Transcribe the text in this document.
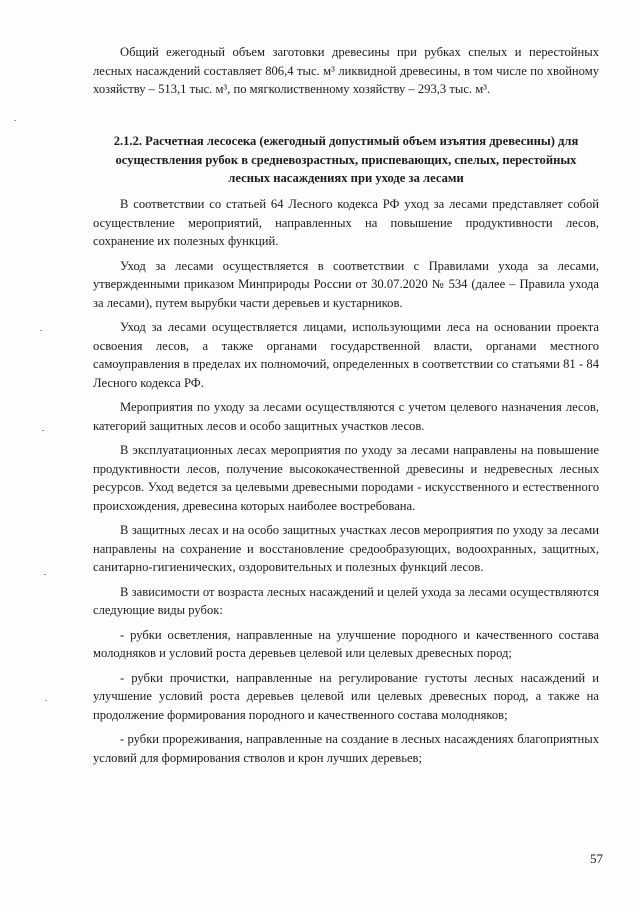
Общий ежегодный объем заготовки древесины при рубках спелых и перестойных лесных насаждений составляет 806,4 тыс. м³ ликвидной древесины, в том числе по хвойному хозяйству – 513,1 тыс. м³, по мягколиственному хозяйству – 293,3 тыс. м³.

2.1.2. Расчетная лесосека (ежегодный допустимый объем изъятия древесины) для осуществления рубок в средневозрастных, приспевающих, спелых, перестойных лесных насаждениях при уходе за лесами

В соответствии со статьей 64 Лесного кодекса РФ уход за лесами представляет собой осуществление мероприятий, направленных на повышение продуктивности лесов, сохранение их полезных функций.

Уход за лесами осуществляется в соответствии с Правилами ухода за лесами, утвержденными приказом Минприроды России от 30.07.2020 № 534 (далее – Правила ухода за лесами), путем вырубки части деревьев и кустарников.

Уход за лесами осуществляется лицами, использующими леса на основании проекта освоения лесов, а также органами государственной власти, органами местного самоуправления в пределах их полномочий, определенных в соответствии со статьями 81 - 84 Лесного кодекса РФ.

Мероприятия по уходу за лесами осуществляются с учетом целевого назначения лесов, категорий защитных лесов и особо защитных участков лесов.

В эксплуатационных лесах мероприятия по уходу за лесами направлены на повышение продуктивности лесов, получение высококачественной древесины и недревесных лесных ресурсов. Уход ведется за целевыми древесными породами - искусственного и естественного происхождения, древесина которых наиболее востребована.

В защитных лесах и на особо защитных участках лесов мероприятия по уходу за лесами направлены на сохранение и восстановление средообразующих, водоохранных, защитных, санитарно-гигиенических, оздоровительных и полезных функций лесов.

В зависимости от возраста лесных насаждений и целей ухода за лесами осуществляются следующие виды рубок:

- рубки осветления, направленные на улучшение породного и качественного состава молодняков и условий роста деревьев целевой или целевых древесных пород;

- рубки прочистки, направленные на регулирование густоты лесных насаждений и улучшение условий роста деревьев целевой или целевых древесных пород, а также на продолжение формирования породного и качественного состава молодняков;

- рубки прореживания, направленные на создание в лесных насаждениях благоприятных условий для формирования стволов и крон лучших деревьев;

57
